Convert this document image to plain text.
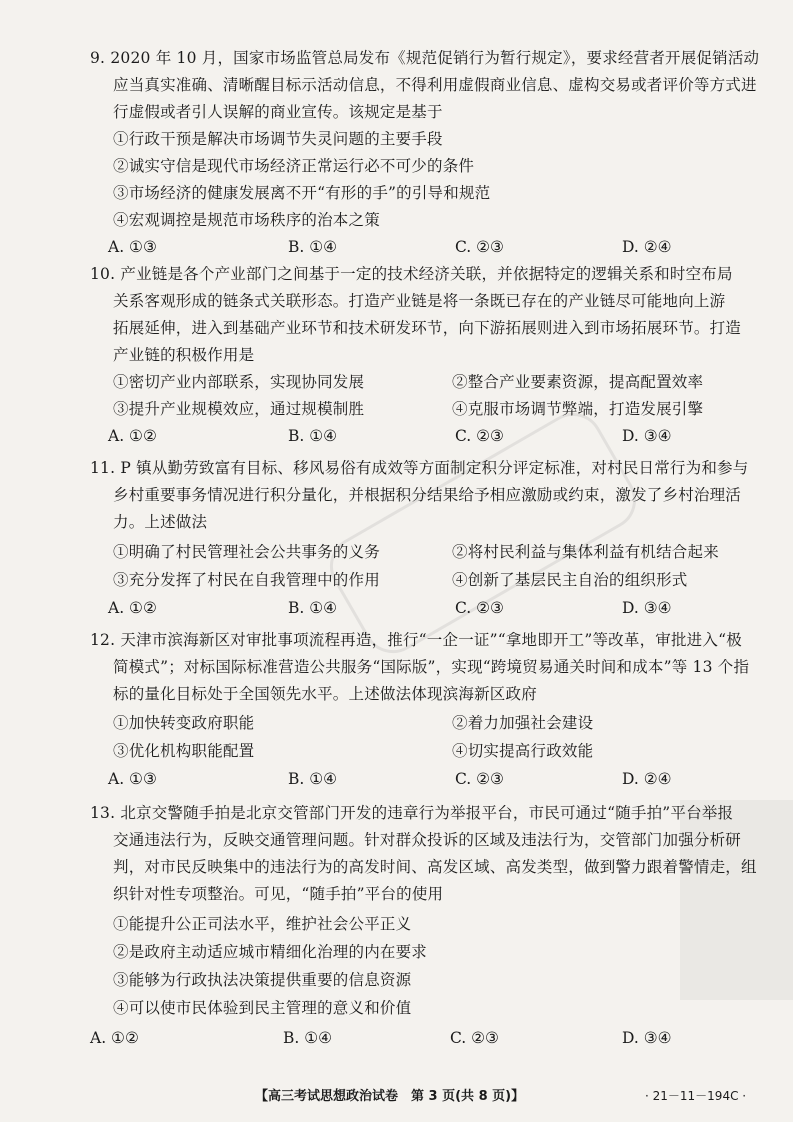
9. 2020 年 10 月，国家市场监管总局发布《规范促销行为暂行规定》，要求经营者开展促销活动
应当真实准确、清晰醒目标示活动信息，不得利用虚假商业信息、虚构交易或者评价等方式进
行虚假或者引人误解的商业宣传。该规定是基于
①行政干预是解决市场调节失灵问题的主要手段
②诚实守信是现代市场经济正常运行必不可少的条件
③市场经济的健康发展离不开“有形的手”的引导和规范
④宏观调控是规范市场秩序的治本之策
A. ①③	B. ①④	C. ②③	D. ②④
10. 产业链是各个产业部门之间基于一定的技术经济关联，并依据特定的逻辑关系和时空布局
关系客观形成的链条式关联形态。打造产业链是将一条既已存在的产业链尽可能地向上游
拓展延伸，进入到基础产业环节和技术研发环节，向下游拓展则进入到市场拓展环节。打造
产业链的积极作用是
①密切产业内部联系，实现协同发展	②整合产业要素资源，提高配置效率
③提升产业规模效应，通过规模制胜	④克服市场调节弊端，打造发展引擎
A. ①②	B. ①④	C. ②③	D. ③④
11. P 镇从勤劳致富有目标、移风易俗有成效等方面制定积分评定标准，对村民日常行为和参与
乡村重要事务情况进行积分量化，并根据积分结果给予相应激励或约束，激发了乡村治理活
力。上述做法
①明确了村民管理社会公共事务的义务	②将村民利益与集体利益有机结合起来
③充分发挥了村民在自我管理中的作用	④创新了基层民主自治的组织形式
A. ①②	B. ①④	C. ②③	D. ③④
12. 天津市滨海新区对审批事项流程再造，推行“一企一证”“拿地即开工”等改革，审批进入“极
简模式”；对标国际标准营造公共服务“国际版”，实现“跨境贸易通关时间和成本”等 13 个指
标的量化目标处于全国领先水平。上述做法体现滨海新区政府
①加快转变政府职能	②着力加强社会建设
③优化机构职能配置	④切实提高行政效能
A. ①③	B. ①④	C. ②③	D. ②④
13. 北京交警随手拍是北京交管部门开发的违章行为举报平台，市民可通过“随手拍”平台举报
交通违法行为，反映交通管理问题。针对群众投诉的区域及违法行为，交管部门加强分析研
判，对市民反映集中的违法行为的高发时间、高发区域、高发类型，做到警力跟着警情走，组
织针对性专项整治。可见，“随手拍”平台的使用
①能提升公正司法水平，维护社会公平正义
②是政府主动适应城市精细化治理的内在要求
③能够为行政执法决策提供重要的信息资源
④可以使市民体验到民主管理的意义和价值
A. ①②	B. ①④	C. ②③	D. ③④
【高三考试思想政治试卷　第 3 页(共 8 页)】	· 21－11－194C ·
